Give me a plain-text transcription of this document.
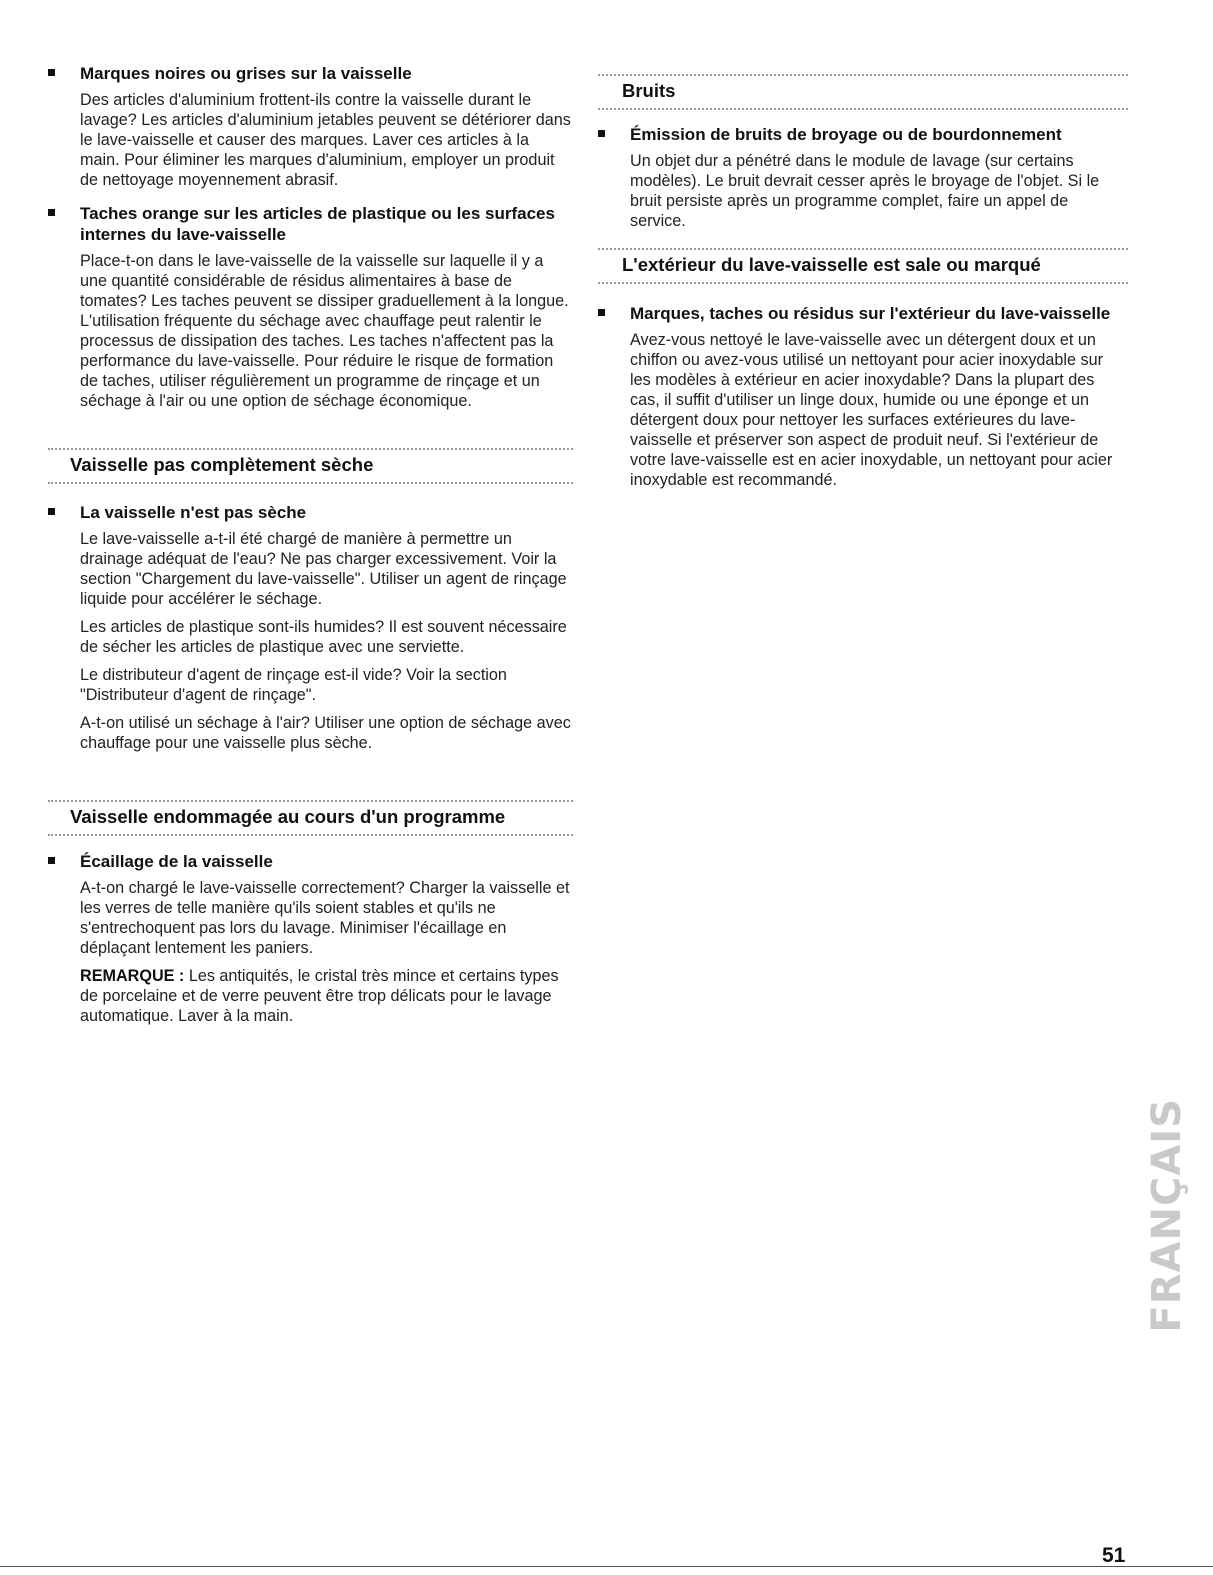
Marques noires ou grises sur la vaisselle

Des articles d'aluminium frottent-ils contre la vaisselle durant le lavage? Les articles d'aluminium jetables peuvent se détériorer dans le lave-vaisselle et causer des marques. Laver ces articles à la main. Pour éliminer les marques d'aluminium, employer un produit de nettoyage moyennement abrasif.

Taches orange sur les articles de plastique ou les surfaces internes du lave-vaisselle

Place-t-on dans le lave-vaisselle de la vaisselle sur laquelle il y a une quantité considérable de résidus alimentaires à base de tomates? Les taches peuvent se dissiper graduellement à la longue. L'utilisation fréquente du séchage avec chauffage peut ralentir le processus de dissipation des taches. Les taches n'affectent pas la performance du lave-vaisselle. Pour réduire le risque de formation de taches, utiliser régulièrement un programme de rinçage et un séchage à l'air ou une option de séchage économique.

Vaisselle pas complètement sèche

La vaisselle n'est pas sèche

Le lave-vaisselle a-t-il été chargé de manière à permettre un drainage adéquat de l'eau? Ne pas charger excessivement. Voir la section "Chargement du lave-vaisselle". Utiliser un agent de rinçage liquide pour accélérer le séchage.

Les articles de plastique sont-ils humides? Il est souvent nécessaire de sécher les articles de plastique avec une serviette.

Le distributeur d'agent de rinçage est-il vide? Voir la section "Distributeur d'agent de rinçage".

A-t-on utilisé un séchage à l'air? Utiliser une option de séchage avec chauffage pour une vaisselle plus sèche.

Vaisselle endommagée au cours d'un programme

Écaillage de la vaisselle

A-t-on chargé le lave-vaisselle correctement? Charger la vaisselle et les verres de telle manière qu'ils soient stables et qu'ils ne s'entrechoquent pas lors du lavage. Minimiser l'écaillage en déplaçant lentement les paniers.

REMARQUE : Les antiquités, le cristal très mince et certains types de porcelaine et de verre peuvent être trop délicats pour le lavage automatique. Laver à la main.

Bruits

Émission de bruits de broyage ou de bourdonnement

Un objet dur a pénétré dans le module de lavage (sur certains modèles). Le bruit devrait cesser après le broyage de l'objet. Si le bruit persiste après un programme complet, faire un appel de service.

L'extérieur du lave-vaisselle est sale ou marqué

Marques, taches ou résidus sur l'extérieur du lave-vaisselle

Avez-vous nettoyé le lave-vaisselle avec un détergent doux et un chiffon ou avez-vous utilisé un nettoyant pour acier inoxydable sur les modèles à extérieur en acier inoxydable? Dans la plupart des cas, il suffit d'utiliser un linge doux, humide ou une éponge et un détergent doux pour nettoyer les surfaces extérieures du lave-vaisselle et préserver son aspect de produit neuf. Si l'extérieur de votre lave-vaisselle est en acier inoxydable, un nettoyant pour acier inoxydable est recommandé.

FRANÇAIS
51
